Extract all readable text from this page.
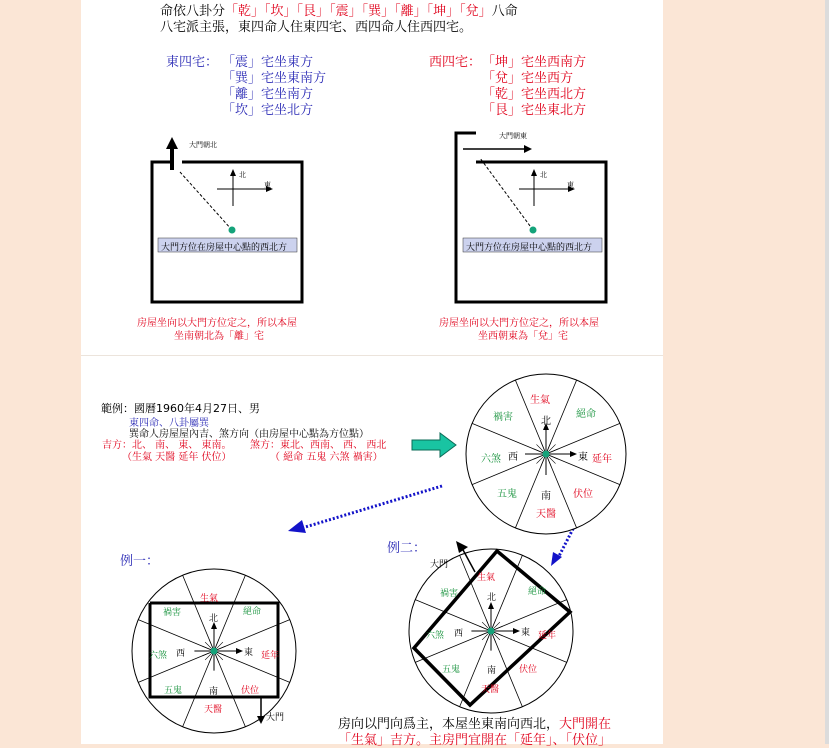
命依八卦分「乾」「坎」「艮」「震」「巽」「離」「坤」「兌」八命
八宅派主張，東四命人住東四宅、西四命人住西四宅。
東四宅： 「震」宅坐東方
「巽」宅坐東南方
「離」宅坐南方
「坎」宅坐北方
西四宅： 「坤」宅坐西南方
「兌」宅坐西方
「乾」宅坐西北方
「艮」宅坐東北方
大門朝北
北
東
大門方位在房屋中心點的西北方
房屋坐向以大門方位定之，所以本屋
坐南朝北為「離」宅
大門朝東
北
東
大門方位在房屋中心點的西北方
房屋坐向以大門方位定之，所以本屋
坐西朝東為「兌」宅
範例：國曆1960年4月27日、男
東四命、八卦屬巽
巽命人房屋屋內吉、煞方向（由房屋中心點為方位點）
吉方：北、 南、 東、 東南。 煞方：東北、西南、 西、 西北
（生氣 天醫 延年 伏位）	（ 絕命 五鬼 六煞 禍害）
生氣
絕命
延年
伏位
天醫
五鬼
六煞
禍害	北
南
東
西
例一：
生氣
絕命
延年
伏位
天醫
五鬼
六煞
禍害
北
南
東
西
大門
例二：
大門
生氣
絕命
延年
伏位
天醫
五鬼
六煞
禍害	北
南
東
西
房向以門向爲主，本屋坐東南向西北，大門開在
「生氣」吉方。主房門宜開在「延年」、「伏位」
